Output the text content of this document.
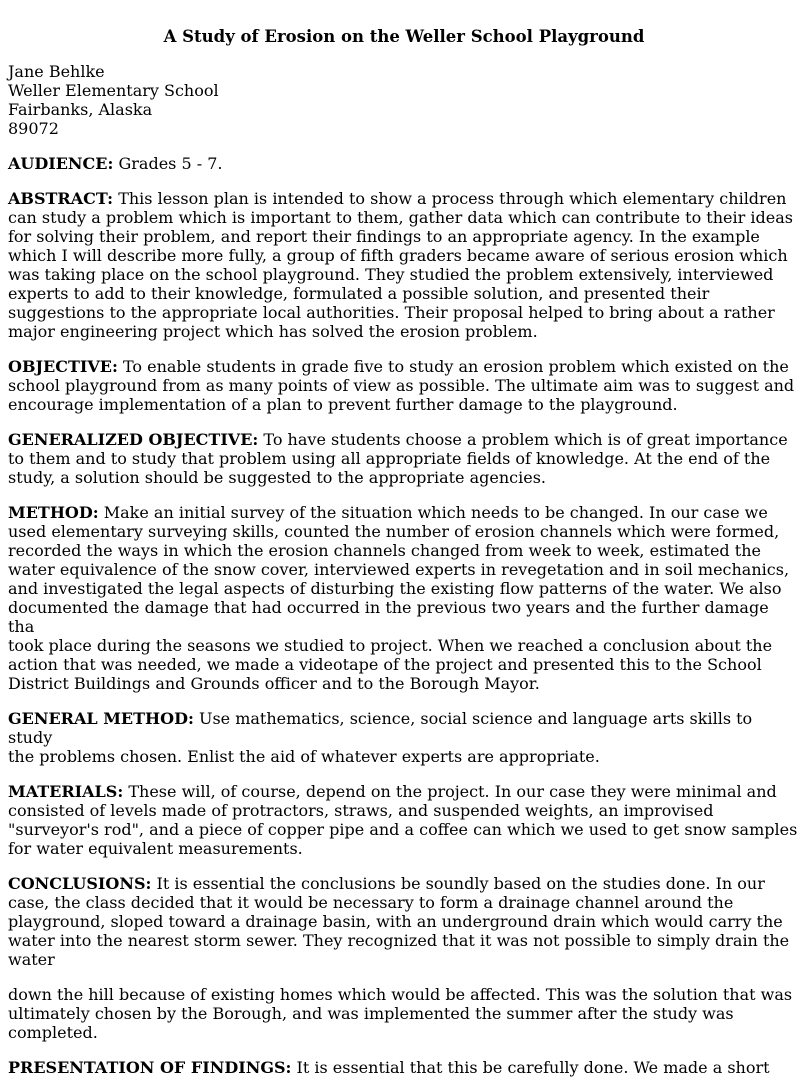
A Study of Erosion on the Weller School Playground
Jane Behlke
Weller Elementary School
Fairbanks, Alaska
89072

AUDIENCE: Grades 5 - 7.

ABSTRACT: This lesson plan is intended to show a process through which elementary children
can study a problem which is important to them, gather data which can contribute to their ideas
for solving their problem, and report their findings to an appropriate agency. In the example
which I will describe more fully, a group of fifth graders became aware of serious erosion which
was taking place on the school playground. They studied the problem extensively, interviewed
experts to add to their knowledge, formulated a possible solution, and presented their
suggestions to the appropriate local authorities. Their proposal helped to bring about a rather
major engineering project which has solved the erosion problem.

OBJECTIVE: To enable students in grade five to study an erosion problem which existed on the
school playground from as many points of view as possible. The ultimate aim was to suggest and
encourage implementation of a plan to prevent further damage to the playground.

GENERALIZED OBJECTIVE: To have students choose a problem which is of great importance
to them and to study that problem using all appropriate fields of knowledge. At the end of the
study, a solution should be suggested to the appropriate agencies.

METHOD: Make an initial survey of the situation which needs to be changed. In our case we
used elementary surveying skills, counted the number of erosion channels which were formed,
recorded the ways in which the erosion channels changed from week to week, estimated the
water equivalence of the snow cover, interviewed experts in revegetation and in soil mechanics,
and investigated the legal aspects of disturbing the existing flow patterns of the water. We also
documented the damage that had occurred in the previous two years and the further damage tha
took place during the seasons we studied to project. When we reached a conclusion about the
action that was needed, we made a videotape of the project and presented this to the School
District Buildings and Grounds officer and to the Borough Mayor.

GENERAL METHOD: Use mathematics, science, social science and language arts skills to study
the problems chosen. Enlist the aid of whatever experts are appropriate.

MATERIALS: These will, of course, depend on the project. In our case they were minimal and
consisted of levels made of protractors, straws, and suspended weights, an improvised
"surveyor's rod", and a piece of copper pipe and a coffee can which we used to get snow samples
for water equivalent measurements.

CONCLUSIONS: It is essential the conclusions be soundly based on the studies done. In our
case, the class decided that it would be necessary to form a drainage channel around the
playground, sloped toward a drainage basin, with an underground drain which would carry the
water into the nearest storm sewer. They recognized that it was not possible to simply drain the
water

down the hill because of existing homes which would be affected. This was the solution that was
ultimately chosen by the Borough, and was implemented the summer after the study was
completed.

PRESENTATION OF FINDINGS: It is essential that this be carefully done. We made a short
